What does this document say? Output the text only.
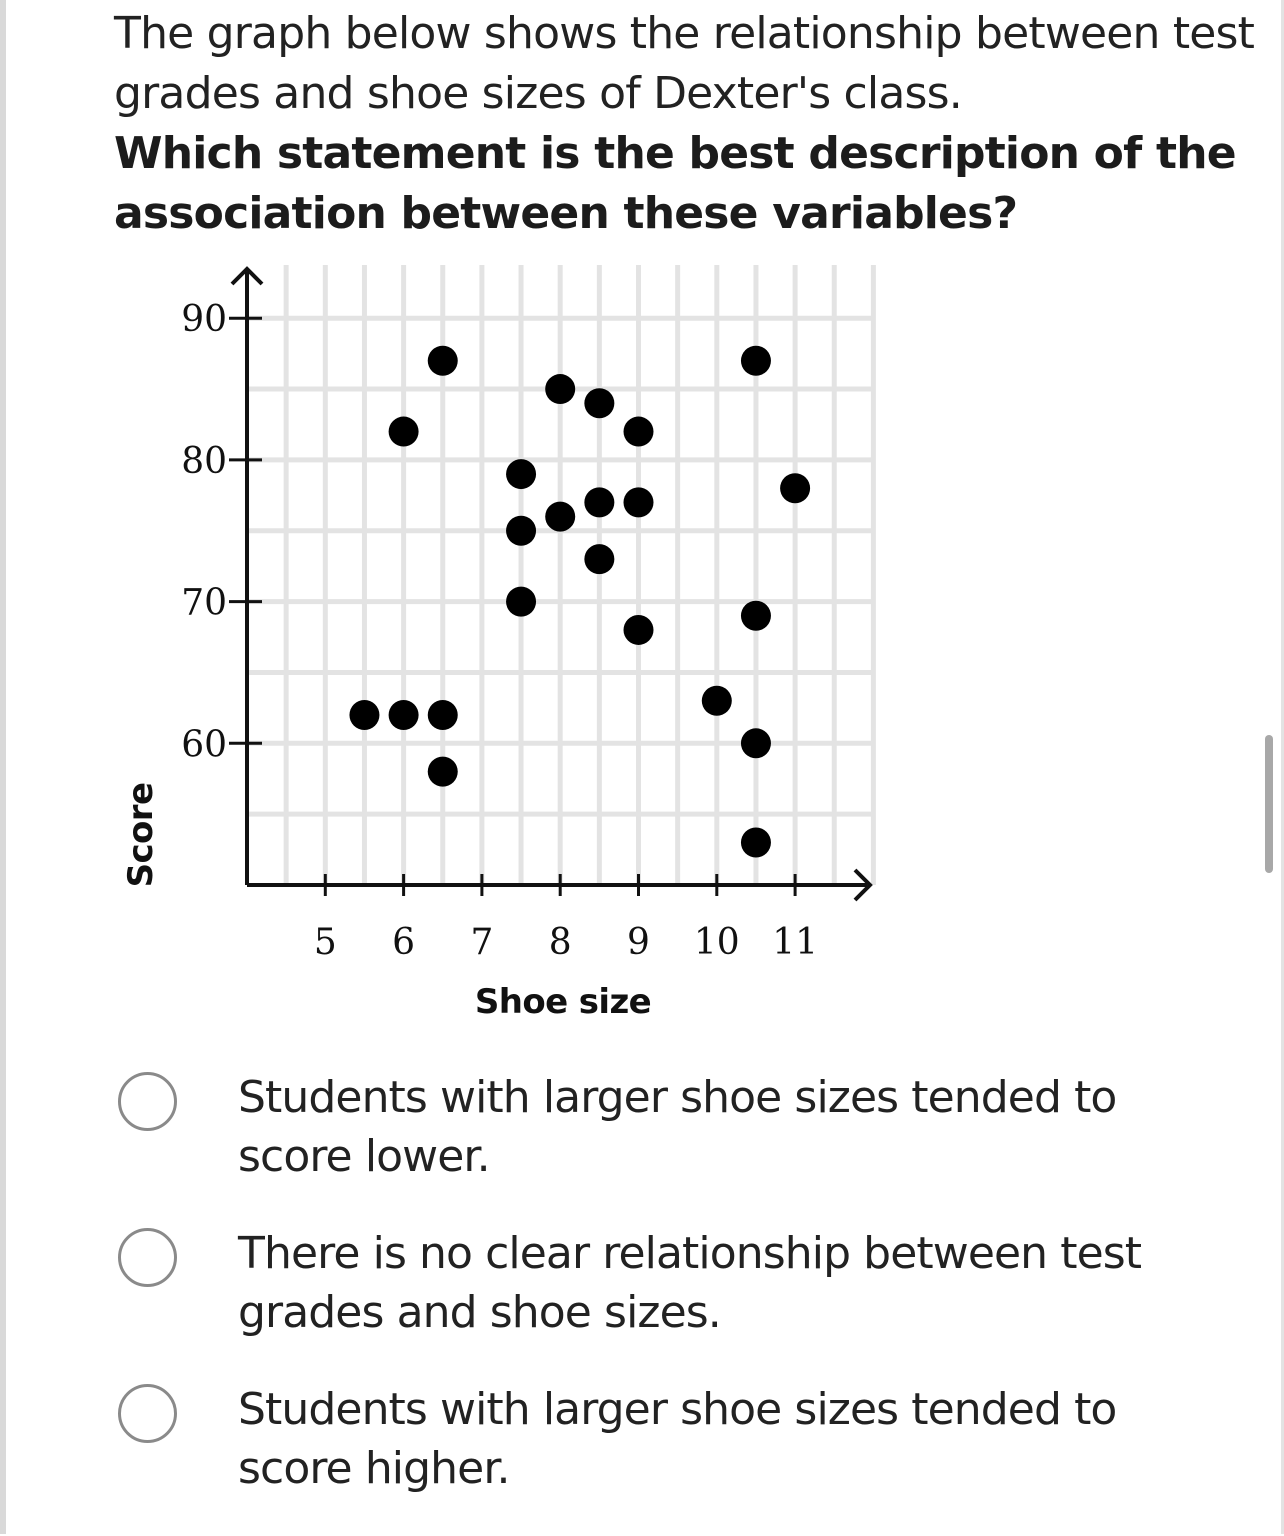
The graph below shows the relationship between test grades and shoe sizes of Dexter's class.

Which statement is the best description of the association between these variables?

5 6 7 8 9 10 11
60
70
80
90
Shoe size
Score
Students with larger shoe sizes tended to score lower.
There is no clear relationship between test grades and shoe sizes.
Students with larger shoe sizes tended to score higher.
